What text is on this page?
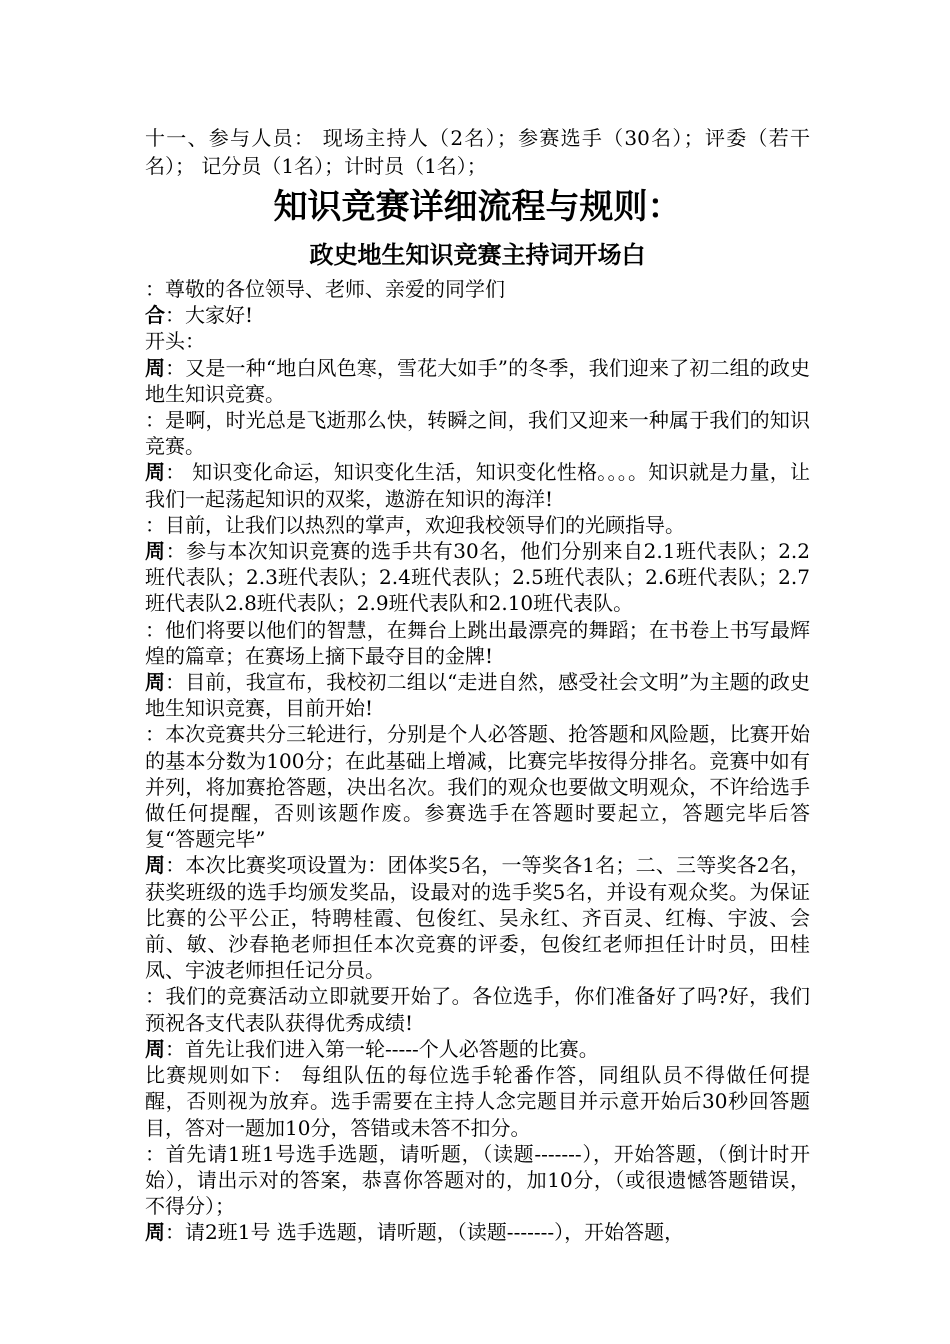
十一、参与人员： 现场主持人（2名）；参赛选手（30名）；评委（若干名）； 记分员（1名）；计时员（1名）；
知识竞赛详细流程与规则：
政史地生知识竞赛主持词开场白

：尊敬的各位领导、老师、亲爱的同学们

合：大家好!

开头：

周：又是一种“地白风色寒，雪花大如手”的冬季，我们迎来了初二组的政史地生知识竞赛。

：是啊，时光总是飞逝那么快，转瞬之间，我们又迎来一种属于我们的知识竞赛。

周： 知识变化命运，知识变化生活，知识变化性格。。。。知识就是力量，让我们一起荡起知识的双桨，遨游在知识的海洋!

：目前，让我们以热烈的掌声，欢迎我校领导们的光顾指导。

周：参与本次知识竞赛的选手共有30名，他们分别来自2.1班代表队；2.2班代表队；2.3班代表队；2.4班代表队；2.5班代表队；2.6班代表队；2.7班代表队2.8班代表队；2.9班代表队和2.10班代表队。

：他们将要以他们的智慧，在舞台上跳出最漂亮的舞蹈；在书卷上书写最辉煌的篇章；在赛场上摘下最夺目的金牌!

周：目前，我宣布，我校初二组以“走进自然，感受社会文明”为主题的政史地生知识竞赛，目前开始!

：本次竞赛共分三轮进行，分别是个人必答题、抢答题和风险题，比赛开始的基本分数为100分；在此基础上增减，比赛完毕按得分排名。竞赛中如有并列，将加赛抢答题，决出名次。我们的观众也要做文明观众，不许给选手做任何提醒，否则该题作废。参赛选手在答题时要起立，答题完毕后答复“答题完毕”

周：本次比赛奖项设置为：团体奖5名，一等奖各1名；二、三等奖各2名，获奖班级的选手均颁发奖品，设最对的选手奖5名，并设有观众奖。为保证比赛的公平公正，特聘桂霞、包俊红、吴永红、齐百灵、红梅、宇波、会前、敏、沙春艳老师担任本次竞赛的评委，包俊红老师担任计时员，田桂凤、宇波老师担任记分员。

：我们的竞赛活动立即就要开始了。各位选手，你们准备好了吗?好，我们预祝各支代表队获得优秀成绩!

周：首先让我们进入第一轮-----个人必答题的比赛。

比赛规则如下： 每组队伍的每位选手轮番作答，同组队员不得做任何提醒，否则视为放弃。选手需要在主持人念完题目并示意开始后30秒回答题目，答对一题加10分，答错或未答不扣分。

：首先请1班1号选手选题，请听题，（读题-------），开始答题，（倒计时开始），请出示对的答案，恭喜你答题对的，加10分，（或很遗憾答题错误，不得分）；

周：请2班1号 选手选题，请听题，（读题-------），开始答题，
